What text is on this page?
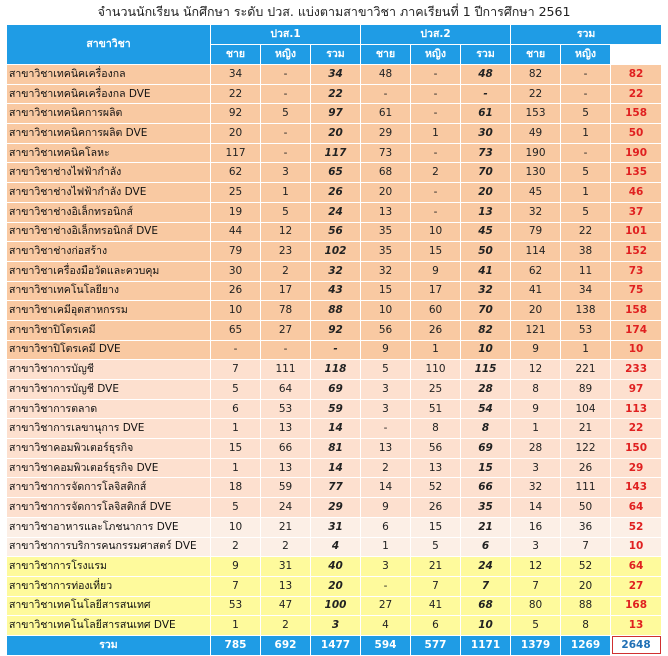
จำนวนนักเรียน นักศึกษา ระดับ ปวส. แบ่งตามสาขาวิชา ภาคเรียนที่ 1 ปีการศึกษา 2561
สาขาวิชา	ปวส.1			ปวส.2			รวม	
	ชาย	หญิง	รวม	ชาย	หญิง	รวม	ชาย	หญิง		
สาขาวิชาเทคนิคเครื่องกล	34	-	34	48	-	48	82	-	82	
สาขาวิชาเทคนิคเครื่องกล DVE	22	-	22	-	-	-	22	-	22	
สาขาวิชาเทคนิคการผลิต	92	5	97	61	-	61	153	5	158	
สาขาวิชาเทคนิคการผลิต DVE	20	-	20	29	1	30	49	1	50	
สาขาวิชาเทคนิคโลหะ	117	-	117	73	-	73	190	-	190	
สาขาวิชาช่างไฟฟ้ากำลัง	62	3	65	68	2	70	130	5	135	
สาขาวิชาช่างไฟฟ้ากำลัง DVE	25	1	26	20	-	20	45	1	46	
สาขาวิชาช่างอิเล็กทรอนิกส์	19	5	24	13	-	13	32	5	37	
สาขาวิชาช่างอิเล็กทรอนิกส์ DVE	44	12	56	35	10	45	79	22	101	
สาขาวิชาช่างก่อสร้าง	79	23	102	35	15	50	114	38	152	
สาขาวิชาเครื่องมือวัดและควบคุม	30	2	32	32	9	41	62	11	73	
สาขาวิชาเทคโนโลยียาง	26	17	43	15	17	32	41	34	75	
สาขาวิชาเคมีอุตสาหกรรม	10	78	88	10	60	70	20	138	158	
สาขาวิชาปิโตรเคมี	65	27	92	56	26	82	121	53	174	
สาขาวิชาปิโตรเคมี DVE	-	-	-	9	1	10	9	1	10	
สาขาวิชาการบัญชี	7	111	118	5	110	115	12	221	233	
สาขาวิชาการบัญชี DVE	5	64	69	3	25	28	8	89	97	
สาขาวิชาการตลาด	6	53	59	3	51	54	9	104	113	
สาขาวิชาการเลขานุการ DVE	1	13	14	-	8	8	1	21	22	
สาขาวิชาคอมพิวเตอร์ธุรกิจ	15	66	81	13	56	69	28	122	150	
สาขาวิชาคอมพิวเตอร์ธุรกิจ DVE	1	13	14	2	13	15	3	26	29	
สาขาวิชาการจัดการโลจิสติกส์	18	59	77	14	52	66	32	111	143	
สาขาวิชาการจัดการโลจิสติกส์ DVE	5	24	29	9	26	35	14	50	64	
สาขาวิชาอาหารและโภชนาการ DVE	10	21	31	6	15	21	16	36	52	
สาขาวิชาการบริการคนกรรมศาสตร์ DVE	2	2	4	1	5	6	3	7	10	
สาขาวิชาการโรงแรม	9	31	40	3	21	24	12	52	64	
สาขาวิชาการท่องเที่ยว	7	13	20	-	7	7	7	20	27	
สาขาวิชาเทคโนโลยีสารสนเทศ	53	47	100	27	41	68	80	88	168	
สาขาวิชาเทคโนโลยีสารสนเทศ DVE	1	2	3	4	6	10	5	8	13	
รวม	785	692	1477	594	577	1171	1379	1269	2648	
